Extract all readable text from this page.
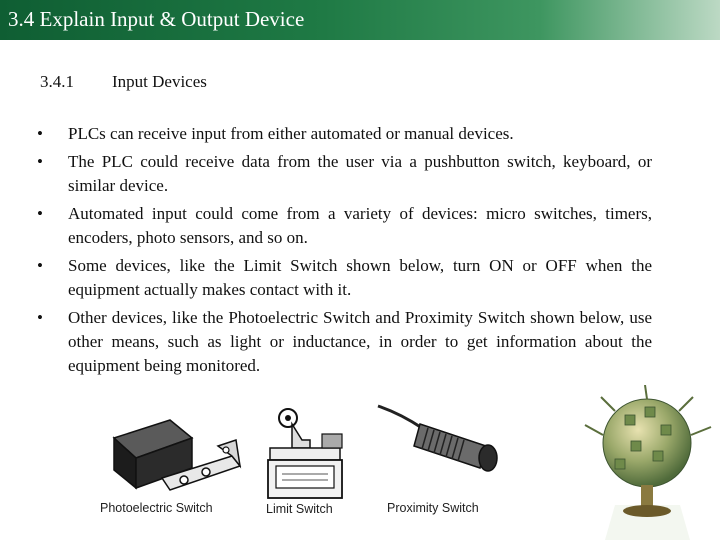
3.4 Explain Input & Output Device
3.4.1 Input Devices
• PLCs can receive input from either automated or manual devices.
• The PLC could receive data from the user via a pushbutton switch, keyboard, or similar device.
• Automated input could come from a variety of devices: micro switches, timers, encoders, photo sensors, and so on.
• Some devices, like the Limit Switch shown below, turn ON or OFF when the equipment actually makes contact with it.
• Other devices, like the Photoelectric Switch and Proximity Switch shown below, use other means, such as light or inductance, in order to get information about the equipment being monitored.
Photoelectric Switch	Limit Switch	Proximity Switch
